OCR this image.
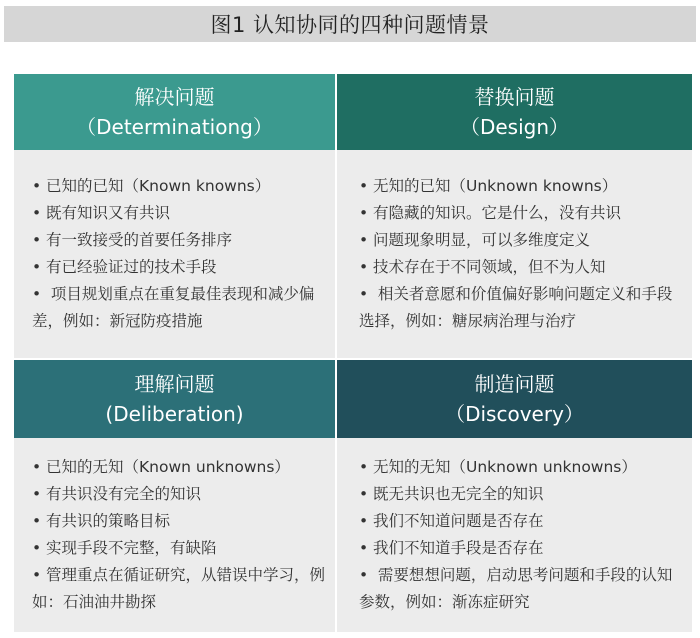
图1 认知协同的四种问题情景
解决问题
（Determinationg）
替换问题
（Design）
• 已知的已知（Known knowns）
• 既有知识又有共识
• 有一致接受的首要任务排序
• 有已经验证过的技术手段
• 项目规划重点在重复最佳表现和减少偏差，例如：新冠防疫措施
• 无知的已知（Unknown knowns）
• 有隐藏的知识。它是什么，没有共识
• 问题现象明显，可以多维度定义
• 技术存在于不同领域，但不为人知
• 相关者意愿和价值偏好影响问题定义和手段选择，例如：糖尿病治理与治疗
理解问题
(Deliberation)
制造问题
（Discovery）
• 已知的无知（Known unknowns）
• 有共识没有完全的知识
• 有共识的策略目标
• 实现手段不完整，有缺陷
• 管理重点在循证研究，从错误中学习，例如：石油油井勘探
• 无知的无知（Unknown unknowns）
• 既无共识也无完全的知识
• 我们不知道问题是否存在
• 我们不知道手段是否存在
• 需要想想问题，启动思考问题和手段的认知参数，例如：渐冻症研究
